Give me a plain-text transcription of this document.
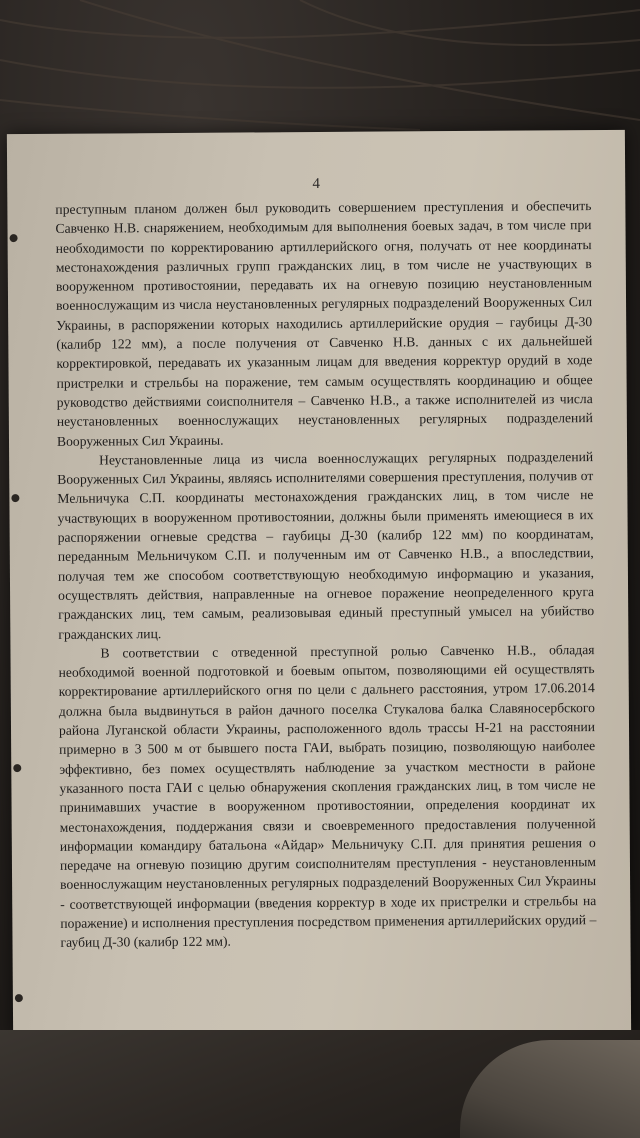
4

преступным планом должен был руководить совершением преступления и обеспечить Савченко Н.В. снаряжением, необходимым для выполнения боевых задач, в том числе при необходимости по корректированию артиллерийского огня, получать от нее координаты местонахождения различных групп гражданских лиц, в том числе не участвующих в вооруженном противостоянии, передавать их на огневую позицию неустановленным военнослужащим из числа неустановленных регулярных подразделений Вооруженных Сил Украины, в распоряжении которых находились артиллерийские орудия – гаубицы Д-30 (калибр 122 мм), а после получения от Савченко Н.В. данных с их дальнейшей корректировкой, передавать их указанным лицам для введения корректур орудий в ходе пристрелки и стрельбы на поражение, тем самым осуществлять координацию и общее руководство действиями соисполнителя – Савченко Н.В., а также исполнителей из числа неустановленных военнослужащих неустановленных регулярных подразделений Вооруженных Сил Украины.

Неустановленные лица из числа военнослужащих регулярных подразделений Вооруженных Сил Украины, являясь исполнителями совершения преступления, получив от Мельничука С.П. координаты местонахождения гражданских лиц, в том числе не участвующих в вооруженном противостоянии, должны были применять имеющиеся в их распоряжении огневые средства – гаубицы Д-30 (калибр 122 мм) по координатам, переданным Мельничуком С.П. и полученным им от Савченко Н.В., а впоследствии, получая тем же способом соответствующую необходимую информацию и указания, осуществлять действия, направленные на огневое поражение неопределенного круга гражданских лиц, тем самым, реализовывая единый преступный умысел на убийство гражданских лиц.

В соответствии с отведенной преступной ролью Савченко Н.В., обладая необходимой военной подготовкой и боевым опытом, позволяющими ей осуществлять корректирование артиллерийского огня по цели с дальнего расстояния, утром 17.06.2014 должна была выдвинуться в район дачного поселка Стукалова балка Славяносербского района Луганской области Украины, расположенного вдоль трассы Н-21 на расстоянии примерно в 3 500 м от бывшего поста ГАИ, выбрать позицию, позволяющую наиболее эффективно, без помех осуществлять наблюдение за участком местности в районе указанного поста ГАИ с целью обнаружения скопления гражданских лиц, в том числе не принимавших участие в вооруженном противостоянии, определения координат их местонахождения, поддержания связи и своевременного предоставления полученной информации командиру батальона «Айдар» Мельничуку С.П. для принятия решения о передаче на огневую позицию другим соисполнителям преступления - неустановленным военнослужащим неустановленных регулярных подразделений Вооруженных Сил Украины - соответствующей информации (введения корректур в ходе их пристрелки и стрельбы на поражение) и исполнения преступления посредством применения артиллерийских орудий – гаубиц Д-30 (калибр 122 мм).
